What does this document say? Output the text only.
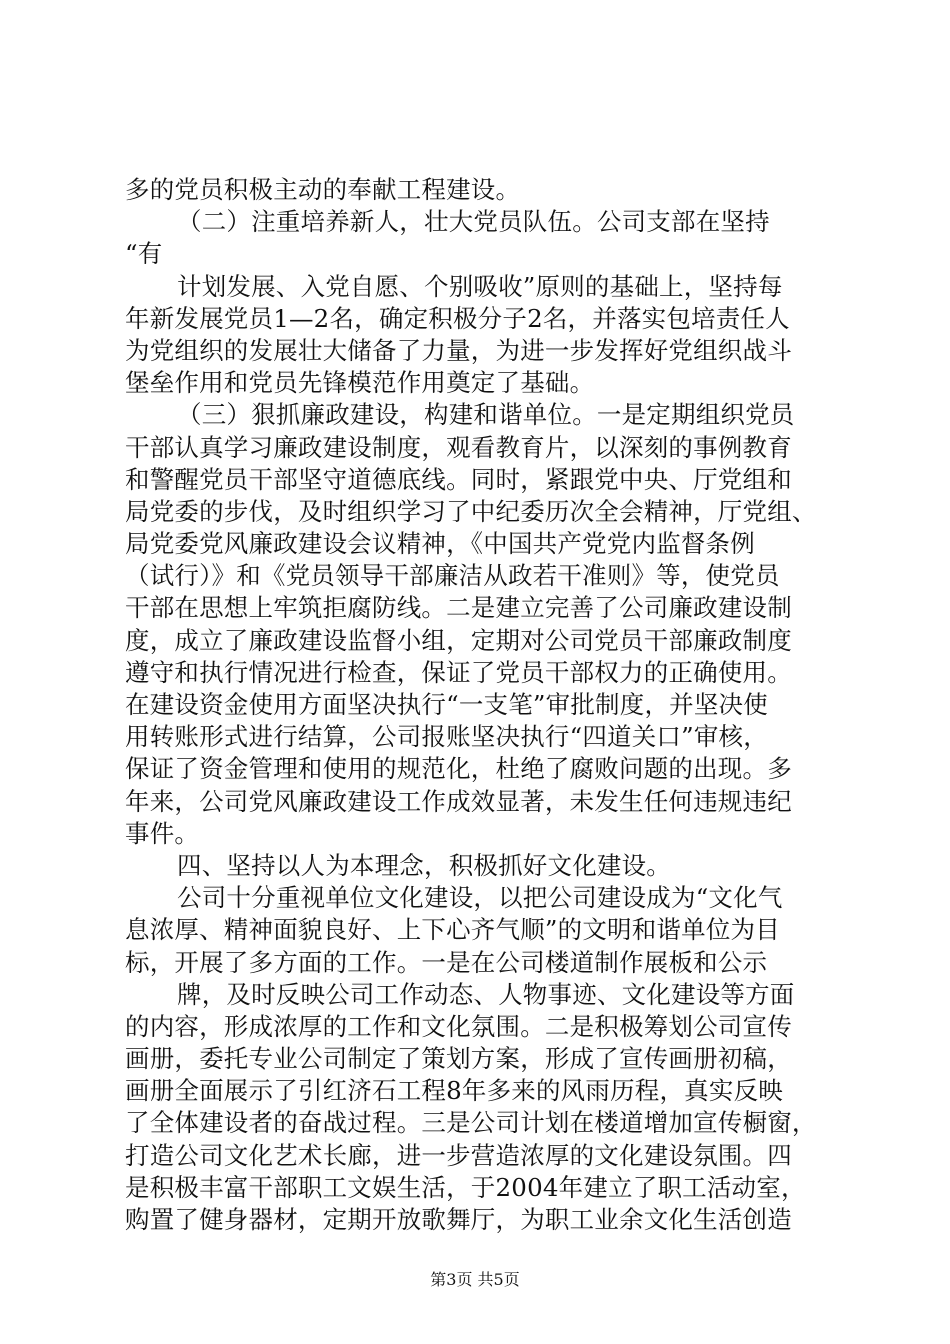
多的党员积极主动的奉献工程建设。
（二）注重培养新人，壮大党员队伍。公司支部在坚持
“有
计划发展、入党自愿、个别吸收”原则的基础上，坚持每
年新发展党员1—2名，确定积极分子2名，并落实包培责任人
为党组织的发展壮大储备了力量，为进一步发挥好党组织战斗
堡垒作用和党员先锋模范作用奠定了基础。
（三）狠抓廉政建设，构建和谐单位。一是定期组织党员
干部认真学习廉政建设制度，观看教育片，以深刻的事例教育
和警醒党员干部坚守道德底线。同时，紧跟党中央、厅党组和
局党委的步伐，及时组织学习了中纪委历次全会精神，厅党组、
局党委党风廉政建设会议精神，《中国共产党党内监督条例
（试行）》和《党员领导干部廉洁从政若干准则》等，使党员
干部在思想上牢筑拒腐防线。二是建立完善了公司廉政建设制
度，成立了廉政建设监督小组，定期对公司党员干部廉政制度
遵守和执行情况进行检查，保证了党员干部权力的正确使用。
在建设资金使用方面坚决执行“一支笔”审批制度，并坚决使
用转账形式进行结算，公司报账坚决执行“四道关口”审核，
保证了资金管理和使用的规范化，杜绝了腐败问题的出现。多
年来，公司党风廉政建设工作成效显著，未发生任何违规违纪
事件。
四、坚持以人为本理念，积极抓好文化建设。
公司十分重视单位文化建设，以把公司建设成为“文化气
息浓厚、精神面貌良好、上下心齐气顺”的文明和谐单位为目
标，开展了多方面的工作。一是在公司楼道制作展板和公示
牌，及时反映公司工作动态、人物事迹、文化建设等方面
的内容，形成浓厚的工作和文化氛围。二是积极筹划公司宣传
画册，委托专业公司制定了策划方案，形成了宣传画册初稿，
画册全面展示了引红济石工程8年多来的风雨历程，真实反映
了全体建设者的奋战过程。三是公司计划在楼道增加宣传橱窗，
打造公司文化艺术长廊，进一步营造浓厚的文化建设氛围。四
是积极丰富干部职工文娱生活，于2004年建立了职工活动室，
购置了健身器材，定期开放歌舞厅，为职工业余文化生活创造
第3页 共5页
